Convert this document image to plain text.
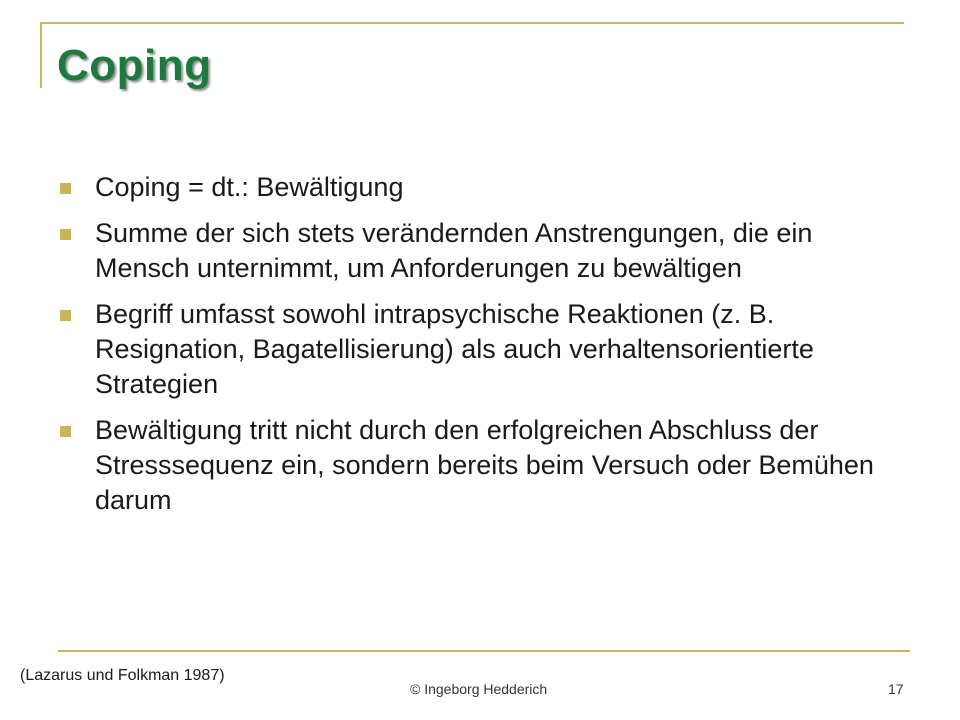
Coping
Coping = dt.: Bewältigung
Summe der sich stets verändernden Anstrengungen, die ein Mensch unternimmt, um Anforderungen zu bewältigen
Begriff umfasst sowohl intrapsychische Reaktionen (z. B. Resignation, Bagatellisierung) als auch verhaltensorientierte Strategien
Bewältigung tritt nicht durch den erfolgreichen Abschluss der Stresssequenz ein, sondern bereits beim Versuch oder Bemühen darum
(Lazarus und Folkman 1987)
© Ingeborg Hedderich	17
